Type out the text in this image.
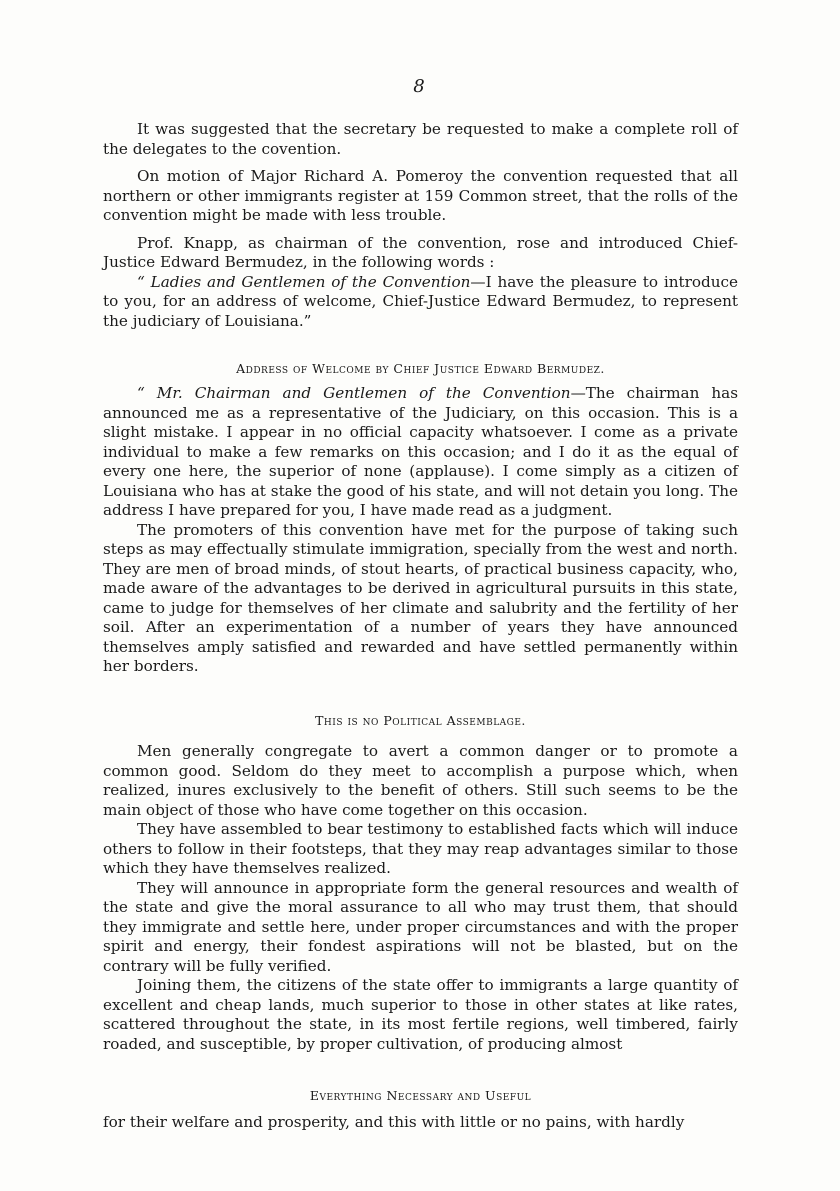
8

It was suggested that the secretary be requested to make a complete roll of the delegates to the covention.

On motion of Major Richard A. Pomeroy the convention requested that all northern or other immigrants register at 159 Common street, that the rolls of the convention might be made with less trouble.

Prof. Knapp, as chairman of the convention, rose and introduced Chief-Justice Edward Bermudez, in the following words :

“ Ladies and Gentlemen of the Convention—I have the pleasure to introduce to you, for an address of welcome, Chief-Justice Edward Bermudez, to represent the judiciary of Louisiana.”

Address of Welcome by Chief Justice Edward Bermudez.

“ Mr. Chairman and Gentlemen of the Convention—The chairman has announced me as a representative of the Judiciary, on this occasion. This is a slight mistake. I appear in no official capacity whatsoever. I come as a private individual to make a few remarks on this occasion; and I do it as the equal of every one here, the superior of none (applause). I come simply as a citizen of Louisiana who has at stake the good of his state, and will not detain you long. The address I have prepared for you, I have made read as a judgment.

The promoters of this convention have met for the purpose of taking such steps as may effectually stimulate immigration, specially from the west and north. They are men of broad minds, of stout hearts, of practical business capacity, who, made aware of the advantages to be derived in agricultural pursuits in this state, came to judge for themselves of her climate and salubrity and the fertility of her soil. After an experimentation of a number of years they have announced themselves amply satisfied and rewarded and have settled permanently within her borders.

This is no Political Assemblage.

Men generally congregate to avert a common danger or to promote a common good. Seldom do they meet to accomplish a purpose which, when realized, inures exclusively to the benefit of others. Still such seems to be the main object of those who have come together on this occasion.

They have assembled to bear testimony to established facts which will induce others to follow in their footsteps, that they may reap advantages similar to those which they have themselves realized.

They will announce in appropriate form the general resources and wealth of the state and give the moral assurance to all who may trust them, that should they immigrate and settle here, under proper circumstances and with the proper spirit and energy, their fondest aspirations will not be blasted, but on the contrary will be fully verified.

Joining them, the citizens of the state offer to immigrants a large quantity of excellent and cheap lands, much superior to those in other states at like rates, scattered throughout the state, in its most fertile regions, well timbered, fairly roaded, and susceptible, by proper cultivation, of producing almost

Everything Necessary and Useful

for their welfare and prosperity, and this with little or no pains, with hardly
